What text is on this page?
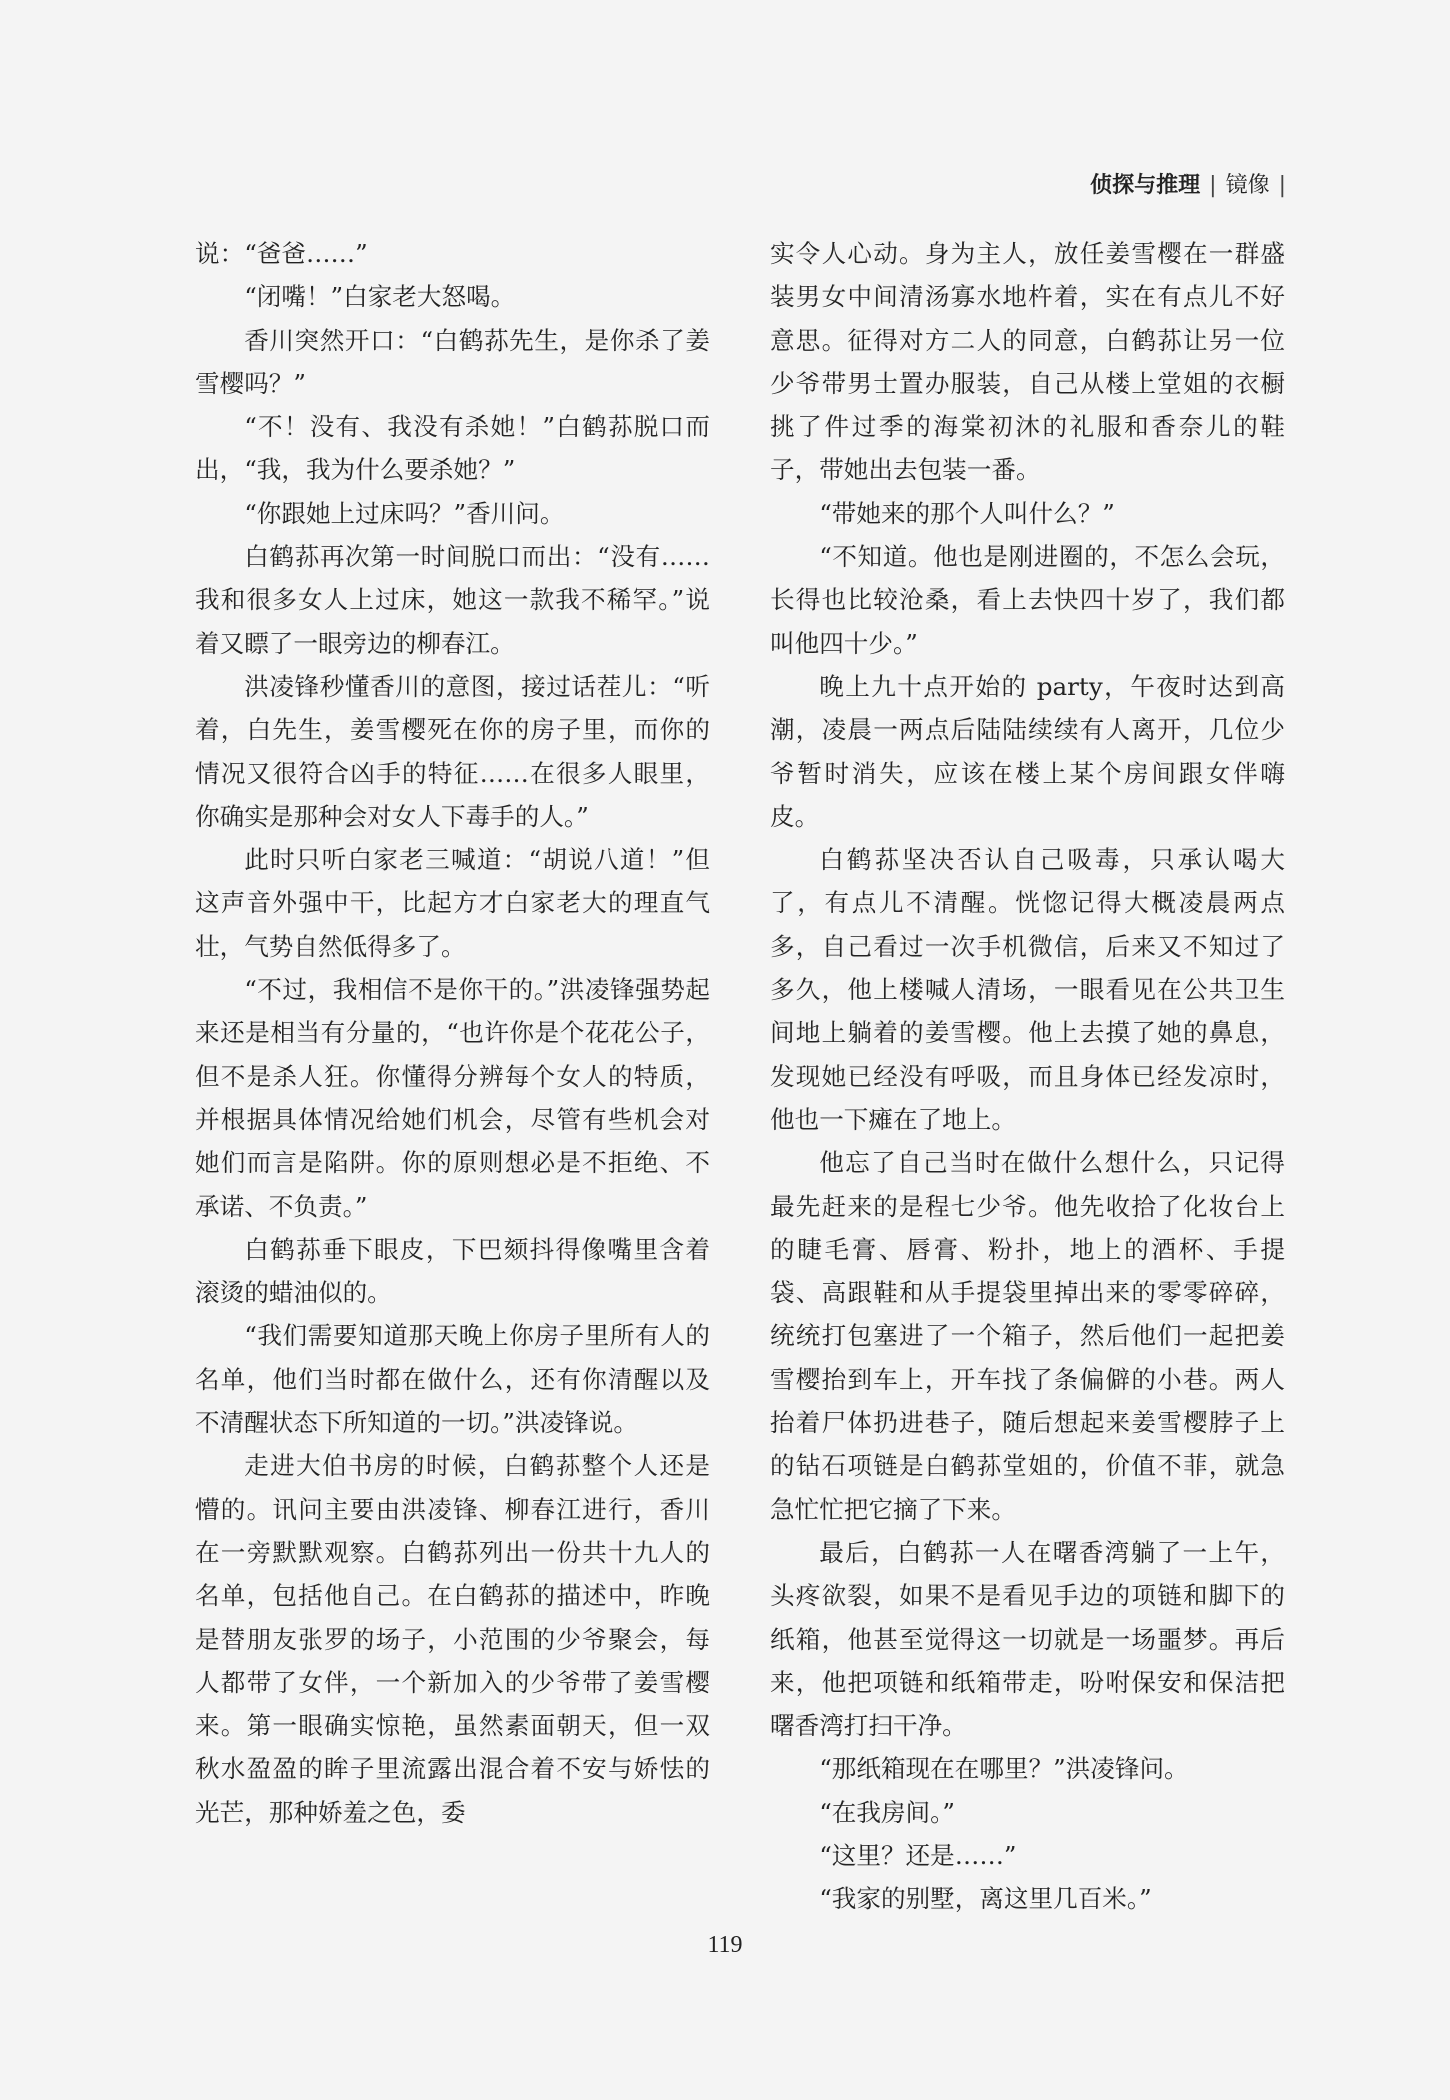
侦探与推理 | 镜像 |

说：“爸爸……”

“闭嘴！”白家老大怒喝。

香川突然开口：“白鹤荪先生，是你杀了姜雪樱吗？”

“不！没有、我没有杀她！”白鹤荪脱口而出，“我，我为什么要杀她？”

“你跟她上过床吗？”香川问。

白鹤荪再次第一时间脱口而出：“没有……我和很多女人上过床，她这一款我不稀罕。”说着又瞟了一眼旁边的柳春江。

洪凌锋秒懂香川的意图，接过话茬儿：“听着，白先生，姜雪樱死在你的房子里，而你的情况又很符合凶手的特征……在很多人眼里，你确实是那种会对女人下毒手的人。”

此时只听白家老三喊道：“胡说八道！”但这声音外强中干，比起方才白家老大的理直气壮，气势自然低得多了。

“不过，我相信不是你干的。”洪凌锋强势起来还是相当有分量的，“也许你是个花花公子，但不是杀人狂。你懂得分辨每个女人的特质，并根据具体情况给她们机会，尽管有些机会对她们而言是陷阱。你的原则想必是不拒绝、不承诺、不负责。”

白鹤荪垂下眼皮，下巴颏抖得像嘴里含着滚烫的蜡油似的。

“我们需要知道那天晚上你房子里所有人的名单，他们当时都在做什么，还有你清醒以及不清醒状态下所知道的一切。”洪凌锋说。

走进大伯书房的时候，白鹤荪整个人还是懵的。讯问主要由洪凌锋、柳春江进行，香川在一旁默默观察。白鹤荪列出一份共十九人的名单，包括他自己。在白鹤荪的描述中，昨晚是替朋友张罗的场子，小范围的少爷聚会，每人都带了女伴，一个新加入的少爷带了姜雪樱来。第一眼确实惊艳，虽然素面朝天，但一双秋水盈盈的眸子里流露出混合着不安与娇怯的光芒，那种娇羞之色，委

实令人心动。身为主人，放任姜雪樱在一群盛装男女中间清汤寡水地杵着，实在有点儿不好意思。征得对方二人的同意，白鹤荪让另一位少爷带男士置办服装，自己从楼上堂姐的衣橱挑了件过季的海棠初沐的礼服和香奈儿的鞋子，带她出去包装一番。

“带她来的那个人叫什么？”

“不知道。他也是刚进圈的，不怎么会玩，长得也比较沧桑，看上去快四十岁了，我们都叫他四十少。”

晚上九十点开始的 party，午夜时达到高潮，凌晨一两点后陆陆续续有人离开，几位少爷暂时消失，应该在楼上某个房间跟女伴嗨皮。

白鹤荪坚决否认自己吸毒，只承认喝大了，有点儿不清醒。恍惚记得大概凌晨两点多，自己看过一次手机微信，后来又不知过了多久，他上楼喊人清场，一眼看见在公共卫生间地上躺着的姜雪樱。他上去摸了她的鼻息，发现她已经没有呼吸，而且身体已经发凉时，他也一下瘫在了地上。

他忘了自己当时在做什么想什么，只记得最先赶来的是程七少爷。他先收拾了化妆台上的睫毛膏、唇膏、粉扑，地上的酒杯、手提袋、高跟鞋和从手提袋里掉出来的零零碎碎，统统打包塞进了一个箱子，然后他们一起把姜雪樱抬到车上，开车找了条偏僻的小巷。两人抬着尸体扔进巷子，随后想起来姜雪樱脖子上的钻石项链是白鹤荪堂姐的，价值不菲，就急急忙忙把它摘了下来。

最后，白鹤荪一人在曙香湾躺了一上午，头疼欲裂，如果不是看见手边的项链和脚下的纸箱，他甚至觉得这一切就是一场噩梦。再后来，他把项链和纸箱带走，吩咐保安和保洁把曙香湾打扫干净。

“那纸箱现在在哪里？”洪凌锋问。

“在我房间。”

“这里？还是……”

“我家的别墅，离这里几百米。”

119
